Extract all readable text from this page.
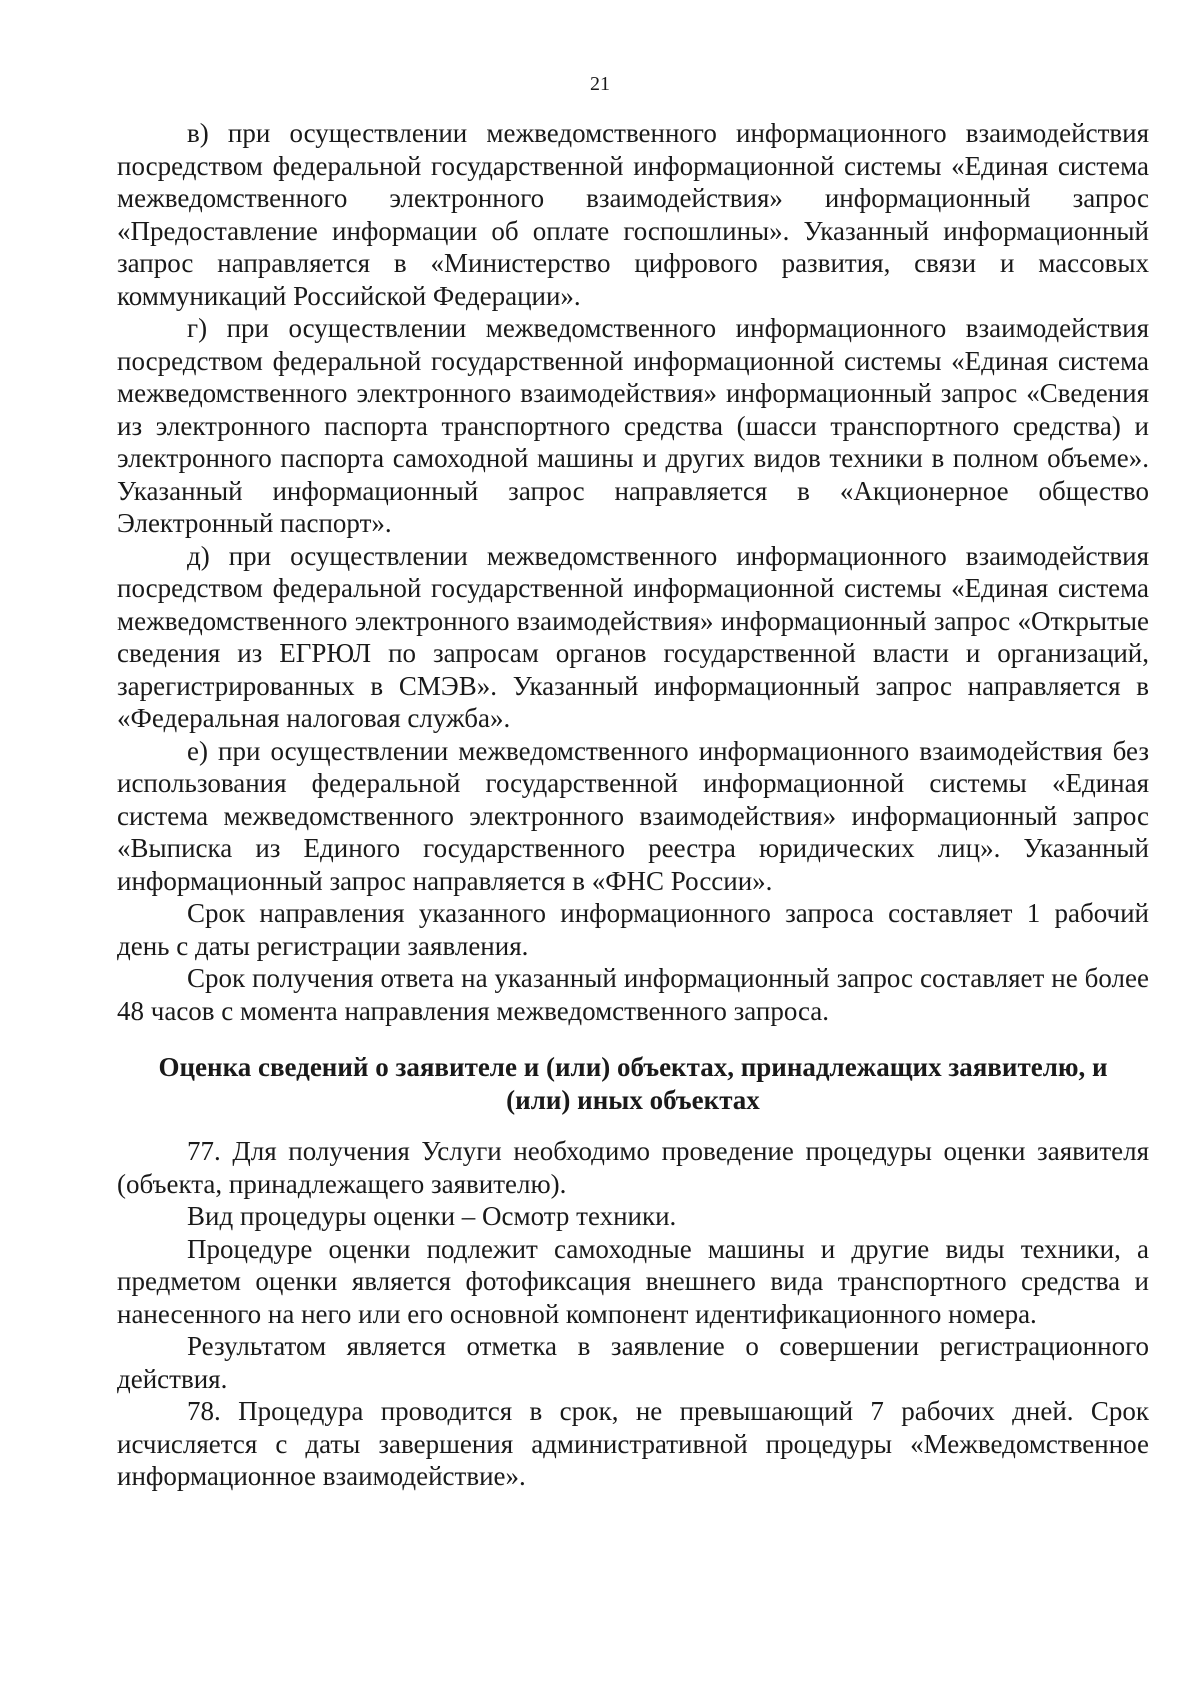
21

в) при осуществлении межведомственного информационного взаимодействия посредством федеральной государственной информационной системы «Единая система межведомственного электронного взаимодействия» информационный запрос «Предоставление информации об оплате госпошлины». Указанный информационный запрос направляется в «Министерство цифрового развития, связи и массовых коммуникаций Российской Федерации».

г) при осуществлении межведомственного информационного взаимодействия посредством федеральной государственной информационной системы «Единая система межведомственного электронного взаимодействия» информационный запрос «Сведения из электронного паспорта транспортного средства (шасси транспортного средства) и электронного паспорта самоходной машины и других видов техники в полном объеме». Указанный информационный запрос направляется в «Акционерное общество Электронный паспорт».

д) при осуществлении межведомственного информационного взаимодействия посредством федеральной государственной информационной системы «Единая система межведомственного электронного взаимодействия» информационный запрос «Открытые сведения из ЕГРЮЛ по запросам органов государственной власти и организаций, зарегистрированных в СМЭВ». Указанный информационный запрос направляется в «Федеральная налоговая служба».

е) при осуществлении межведомственного информационного взаимодействия без использования федеральной государственной информационной системы «Единая система межведомственного электронного взаимодействия» информационный запрос «Выписка из Единого государственного реестра юридических лиц». Указанный информационный запрос направляется в «ФНС России».

Срок направления указанного информационного запроса составляет 1 рабочий день с даты регистрации заявления.

Срок получения ответа на указанный информационный запрос составляет не более 48 часов с момента направления межведомственного запроса.

Оценка сведений о заявителе и (или) объектах, принадлежащих заявителю, и (или) иных объектах

77. Для получения Услуги необходимо проведение процедуры оценки заявителя (объекта, принадлежащего заявителю).

Вид процедуры оценки – Осмотр техники.

Процедуре оценки подлежит самоходные машины и другие виды техники, а предметом оценки является фотофиксация внешнего вида транспортного средства и нанесенного на него или его основной компонент идентификационного номера.

Результатом является отметка в заявление о совершении регистрационного действия.

78. Процедура проводится в срок, не превышающий 7 рабочих дней. Срок исчисляется с даты завершения административной процедуры «Межведомственное информационное взаимодействие».
